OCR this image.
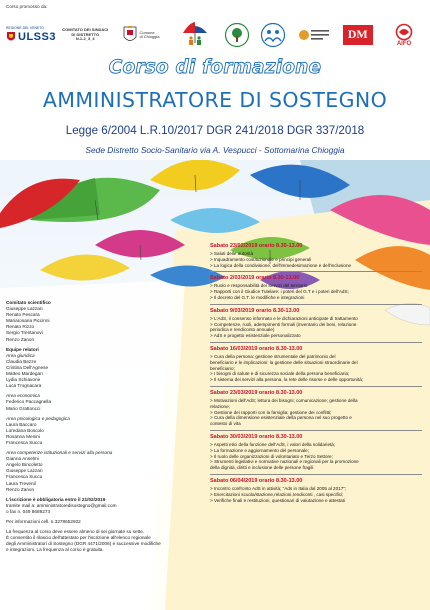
Corso promosso da:
REGIONE DEL VENETO
ULSS3
COMITATO DEI SINDACI
DI DISTRETTO
N.1-2_3_4
Comune
di Chioggia	DM
AIFO
Corso di formazione
AMMINISTRATORE DI SOSTEGNO
Legge 6/2004 L.R.10/2017 DGR 241/2018 DGR 337/2018
Sede Distretto Socio-Sanitario via A. Vespucci - Sottomarina Chioggia
Comitato scientifico
Giuseppe Lazzari
Renato Pescara
Mariarosaria Piccinni
Renato Rizzo
Sergio Trentanovi
Renzo Zanon
Equipe relatori
Area giuridica
Claudia Bezze
Cristina Dell'Agnese
Matteo Mardegan
Lydia Schiavone
Luca Trognacara
Area economica
Federico Paccagnella
Mario Grattoncci
Area psicologica e pedagogica
Laura Baccaro
Loredana Boscolo
Rosanna Menini
Francesca Succu
Area competenze istituzionali e servizi alla persona
Gianna Anselmi
Angelo Bincoletto
Giuseppe Lazzari
Francesca Succu
Laura Trevenil
Renzo Zanon
L'iscrizione è obbligatoria entro il 21/02/2019
tramite mail a: amministratoredisostegno@gmail.com
o fax n. 049 8689273
Per informazioni cell. n.3278652922
La frequenza al corso deve essere almeno di sei giornate su sette.
È consentito il rilascio dell'attestato per l'iscrizione all'elenco regionale
degli Amministratori di Sostegno (DGR 4471/2006) e successive modifiche
e integrazioni. La frequenza al corso è gratuita.
Sabato 23/02/2019 orario 8.30-13.00
> Saluti delle autorità
> Inquadramento costituzionale e principi generali
> La logica della condivisione, dell'immedesimazione e dell'inclusione
Sabato 2/03/2019 orario 8.30-13.00
> Ruolo e responsabilità dei Servizi del territorio
> Rapporti con il Giudice Tutelare: i poteri del G.T e i poteri dell'AdS;
> Il decreto del G.T. le modifiche e integrazioni
Sabato 9/03/2019 orario 8.30-13.00
> L'AdS, il consenso informato e le dichiarazioni anticipate di trattamento
> Competenze, ruoli, adempimenti formali (inventario dei beni, relazione
periodica e rendiconto annuale)
> AdS e progetto esistenziale personalizzato
Sabato 16/03/2019 orario 8.30-13.00
> Cura della persona: gestione strumentale del patrimonio del
beneficiario e le implicazioni: la gestione delle situazioni straordinarie del
beneficiario;
> I bisogni di salute e di sicurezza sociale della persona beneficiaria;
> Il sistema dei servizi alla persona, la rete delle risorse e delle opportunità;
Sabato 23/03/2019 orario 8.30-13.00
> Motivazioni dell'AdS; lettura dei bisogni; comunicazione; gestione della
relazione;
> Gestione dei rapporti con la famiglia; gestione dei conflitti;
> Cura della dimensione esistenziale della persona nel suo progetto e
contesto di vita
Sabato 30/03/2019 orario 8.30-13.00
> Aspetti etici della funzione dell'AdS, i valori della solidarietà;
> La formazione e aggiornamento del personale;
> Il ruolo delle organizzazioni di volontariato e Terzo Settore;
> Strumenti legislativi e normative nazionali e regionali per la promozione
della dignità, diritti e inclusione delle persone fragili
Sabato 06/04/2019 orario 8.30-13.00
> Incontro confronto AdS in attività; "Ads in Italia dal 2005 al 2017";
> Esercitazioni scuola/stazione,relazioni,rendiconti , casi specifici;
> Verifiche finali e restituzioni, questionari di valutazione e attestati
